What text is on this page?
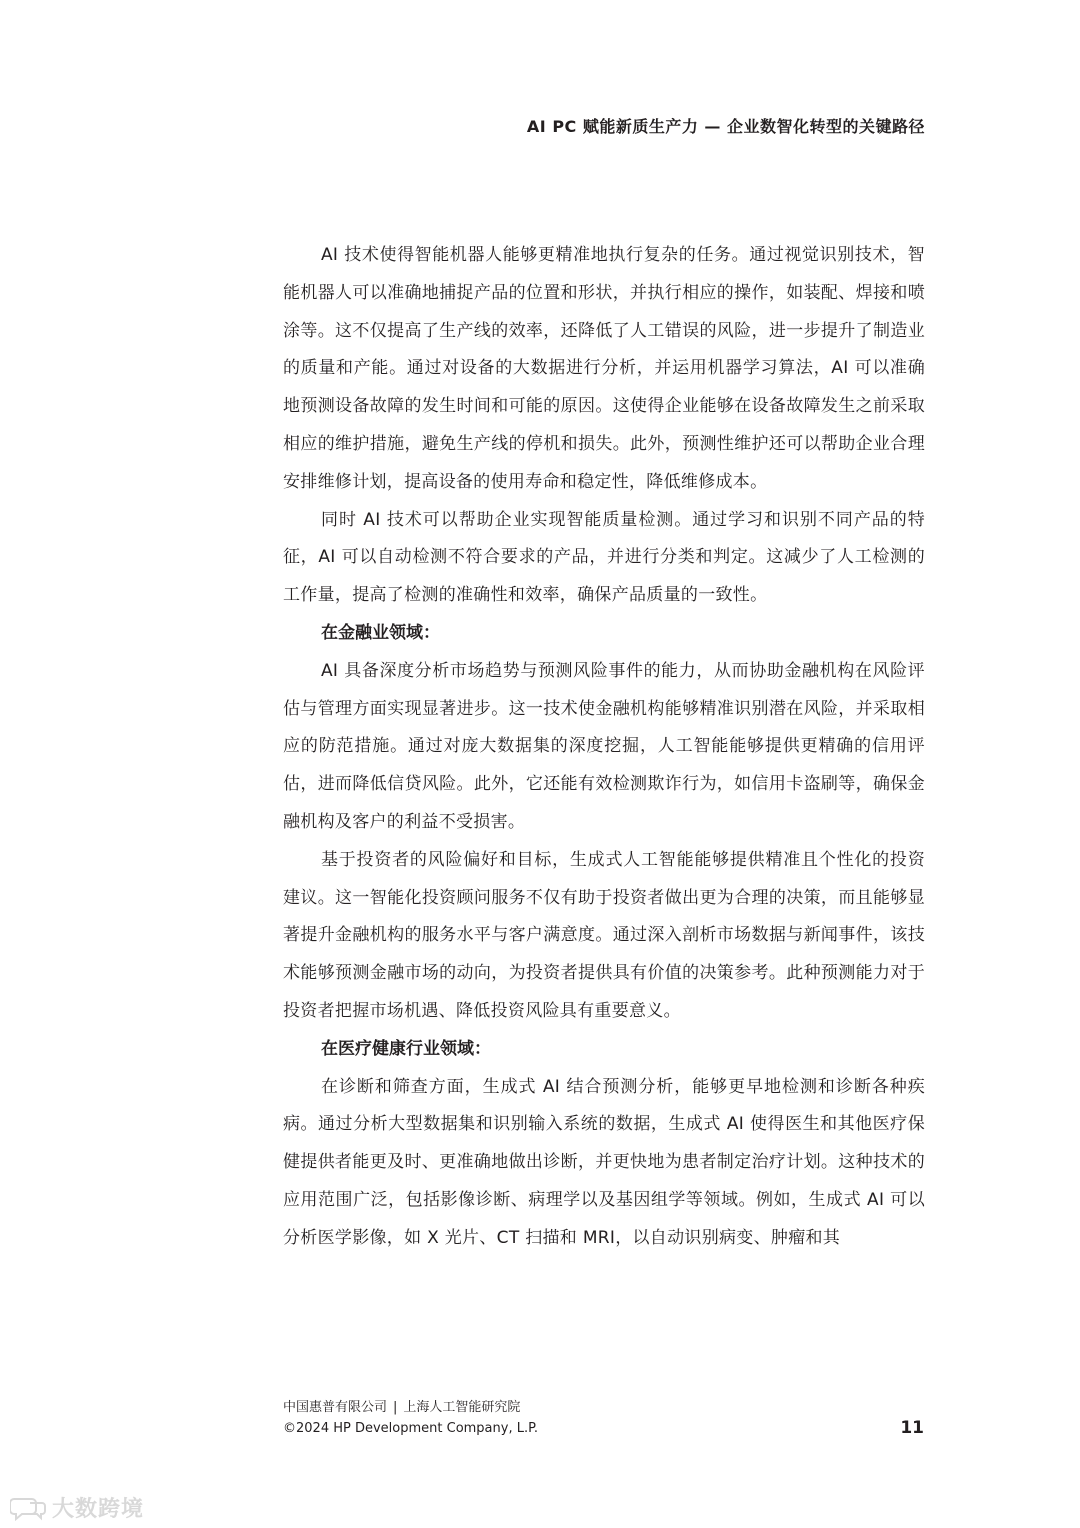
AI PC 赋能新质生产力 — 企业数智化转型的关键路径

AI 技术使得智能机器人能够更精准地执行复杂的任务。通过视觉识别技术，智能机器人可以准确地捕捉产品的位置和形状，并执行相应的操作，如装配、焊接和喷涂等。这不仅提高了生产线的效率，还降低了人工错误的风险，进一步提升了制造业的质量和产能。通过对设备的大数据进行分析，并运用机器学习算法，AI 可以准确地预测设备故障的发生时间和可能的原因。这使得企业能够在设备故障发生之前采取相应的维护措施，避免生产线的停机和损失。此外，预测性维护还可以帮助企业合理安排维修计划，提高设备的使用寿命和稳定性，降低维修成本。

同时 AI 技术可以帮助企业实现智能质量检测。通过学习和识别不同产品的特征，AI 可以自动检测不符合要求的产品，并进行分类和判定。这减少了人工检测的工作量，提高了检测的准确性和效率，确保产品质量的一致性。

在金融业领域：

AI 具备深度分析市场趋势与预测风险事件的能力，从而协助金融机构在风险评估与管理方面实现显著进步。这一技术使金融机构能够精准识别潜在风险，并采取相应的防范措施。通过对庞大数据集的深度挖掘，人工智能能够提供更精确的信用评估，进而降低信贷风险。此外，它还能有效检测欺诈行为，如信用卡盗刷等，确保金融机构及客户的利益不受损害。

基于投资者的风险偏好和目标，生成式人工智能能够提供精准且个性化的投资建议。这一智能化投资顾问服务不仅有助于投资者做出更为合理的决策，而且能够显著提升金融机构的服务水平与客户满意度。通过深入剖析市场数据与新闻事件，该技术能够预测金融市场的动向，为投资者提供具有价值的决策参考。此种预测能力对于投资者把握市场机遇、降低投资风险具有重要意义。

在医疗健康行业领域：

在诊断和筛查方面，生成式 AI 结合预测分析，能够更早地检测和诊断各种疾病。通过分析大型数据集和识别输入系统的数据，生成式 AI 使得医生和其他医疗保健提供者能更及时、更准确地做出诊断，并更快地为患者制定治疗计划。这种技术的应用范围广泛，包括影像诊断、病理学以及基因组学等领域。例如，生成式 AI 可以分析医学影像，如 X 光片、CT 扫描和 MRI，以自动识别病变、肿瘤和其

中国惠普有限公司 | 上海人工智能研究院
©2024 HP Development Company, L.P.	11
大数跨境
